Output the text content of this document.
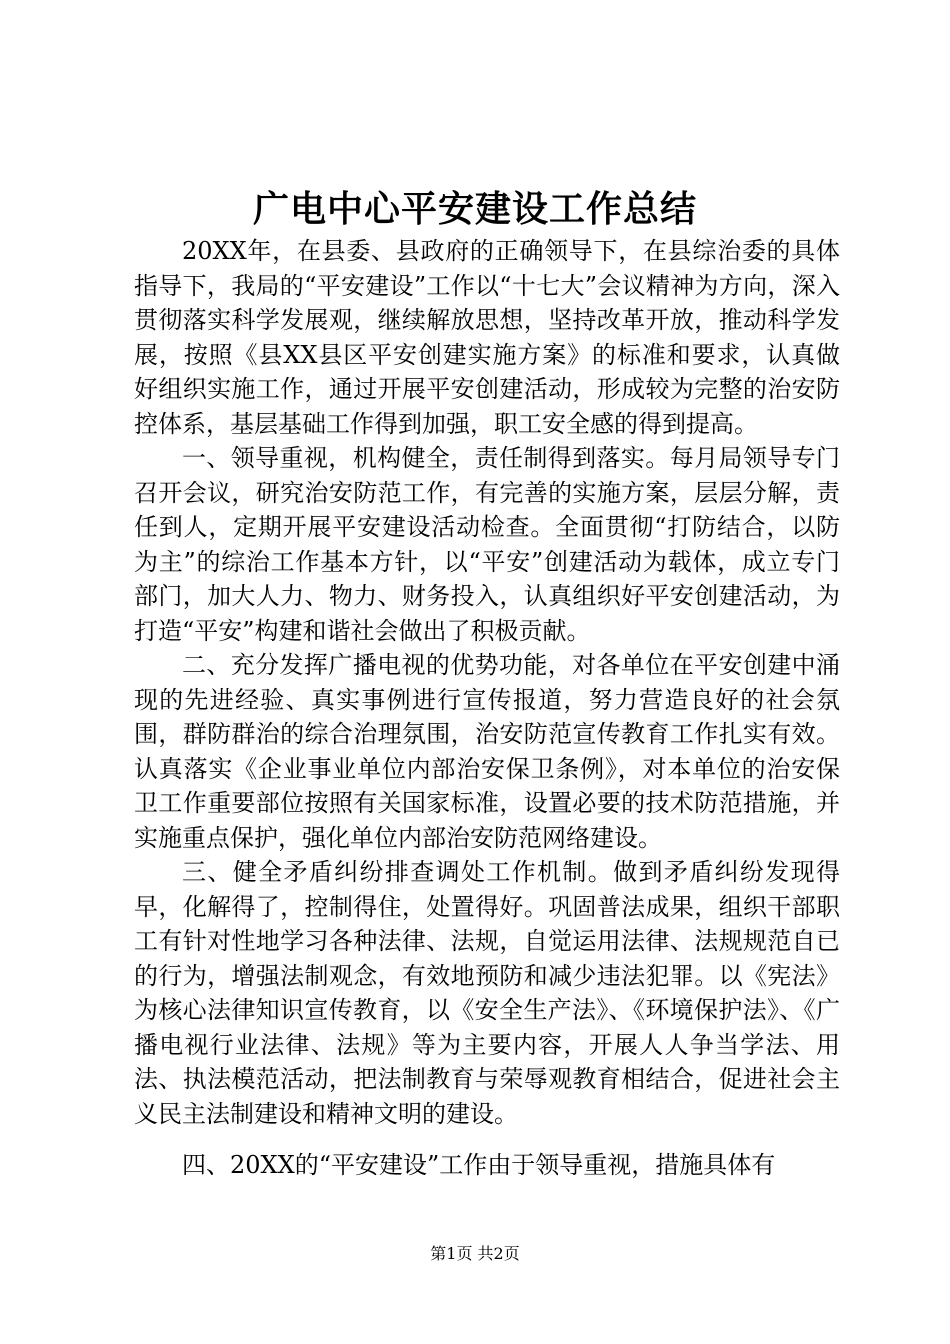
广电中心平安建设工作总结

20XX年，在县委、县政府的正确领导下，在县综治委的具体指导下，我局的“平安建设”工作以“十七大”会议精神为方向，深入贯彻落实科学发展观，继续解放思想，坚持改革开放，推动科学发展，按照《县XX县区平安创建实施方案》的标准和要求，认真做好组织实施工作，通过开展平安创建活动，形成较为完整的治安防控体系，基层基础工作得到加强，职工安全感的得到提高。

一、领导重视，机构健全，责任制得到落实。每月局领导专门召开会议，研究治安防范工作，有完善的实施方案，层层分解，责任到人，定期开展平安建设活动检查。全面贯彻“打防结合，以防为主”的综治工作基本方针，以“平安”创建活动为载体，成立专门部门，加大人力、物力、财务投入，认真组织好平安创建活动，为打造“平安”构建和谐社会做出了积极贡献。

二、充分发挥广播电视的优势功能，对各单位在平安创建中涌现的先进经验、真实事例进行宣传报道，努力营造良好的社会氛围，群防群治的综合治理氛围，治安防范宣传教育工作扎实有效。认真落实《企业事业单位内部治安保卫条例》，对本单位的治安保卫工作重要部位按照有关国家标准，设置必要的技术防范措施，并实施重点保护，强化单位内部治安防范网络建设。

三、健全矛盾纠纷排查调处工作机制。做到矛盾纠纷发现得早，化解得了，控制得住，处置得好。巩固普法成果，组织干部职工有针对性地学习各种法律、法规，自觉运用法律、法规规范自已的行为，增强法制观念，有效地预防和减少违法犯罪。以《宪法》为核心法律知识宣传教育，以《安全生产法》、《环境保护法》、《广播电视行业法律、法规》等为主要内容，开展人人争当学法、用法、执法模范活动，把法制教育与荣辱观教育相结合，促进社会主义民主法制建设和精神文明的建设。

四、20XX的“平安建设”工作由于领导重视，措施具体有

第1页 共2页
